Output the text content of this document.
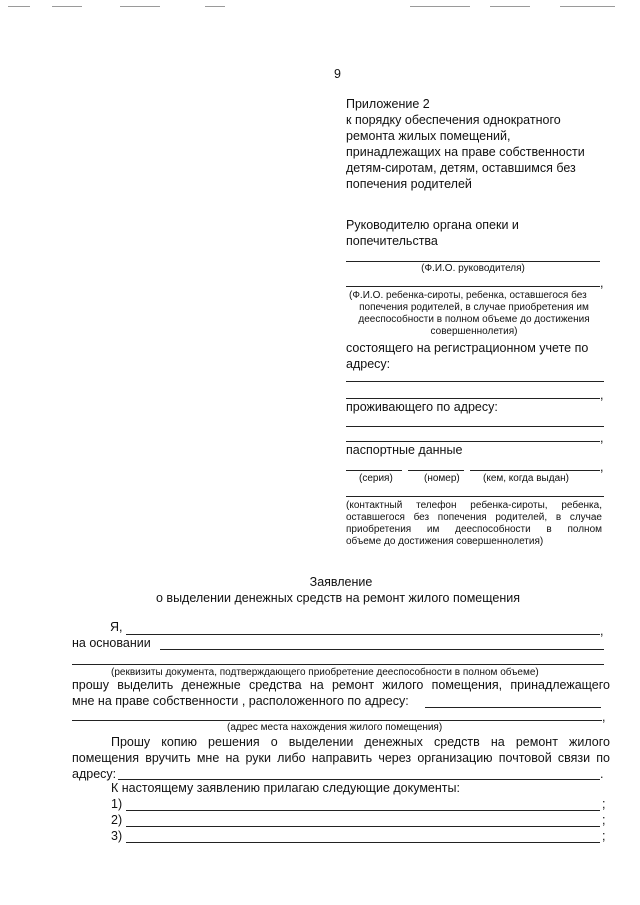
9
Приложение 2
к порядку обеспечения однократного
ремонта жилых помещений,
принадлежащих на праве собственности
детям-сиротам, детям, оставшимся без
попечения родителей
Руководителю органа опеки и
попечительства
(Ф.И.О. руководителя)
,
(Ф.И.О. ребенка-сироты, ребенка, оставшегося без
попечения родителей, в случае приобретения им
дееспособности в полном объеме до достижения
совершеннолетия)
состоящего на регистрационном учете по
адресу:
,
проживающего по адресу:
,
паспортные данные
,
(серия)	(номер) (кем, когда выдан)
(контактный телефон ребенка-сироты, ребенка,
оставшегося без попечения родителей, в случае
приобретения им дееспособности в полном
объеме до достижения совершеннолетия)
Заявление
о выделении денежных средств на ремонт жилого помещения
Я,	,
на основании
(реквизиты документа, подтверждающего приобретение дееспособности в полном объеме)
прошу выделить денежные средства на ремонт жилого помещения, принадлежащего
мне на праве собственности , расположенного по адресу:
,
(адрес места нахождения жилого помещения)
Прошу копию решения о выделении денежных средств на ремонт жилого
помещения вручить мне на руки либо направить через организацию почтовой связи по
адресу:	.
К настоящему заявлению прилагаю следующие документы:
1)	;
2)	;
3)	;
